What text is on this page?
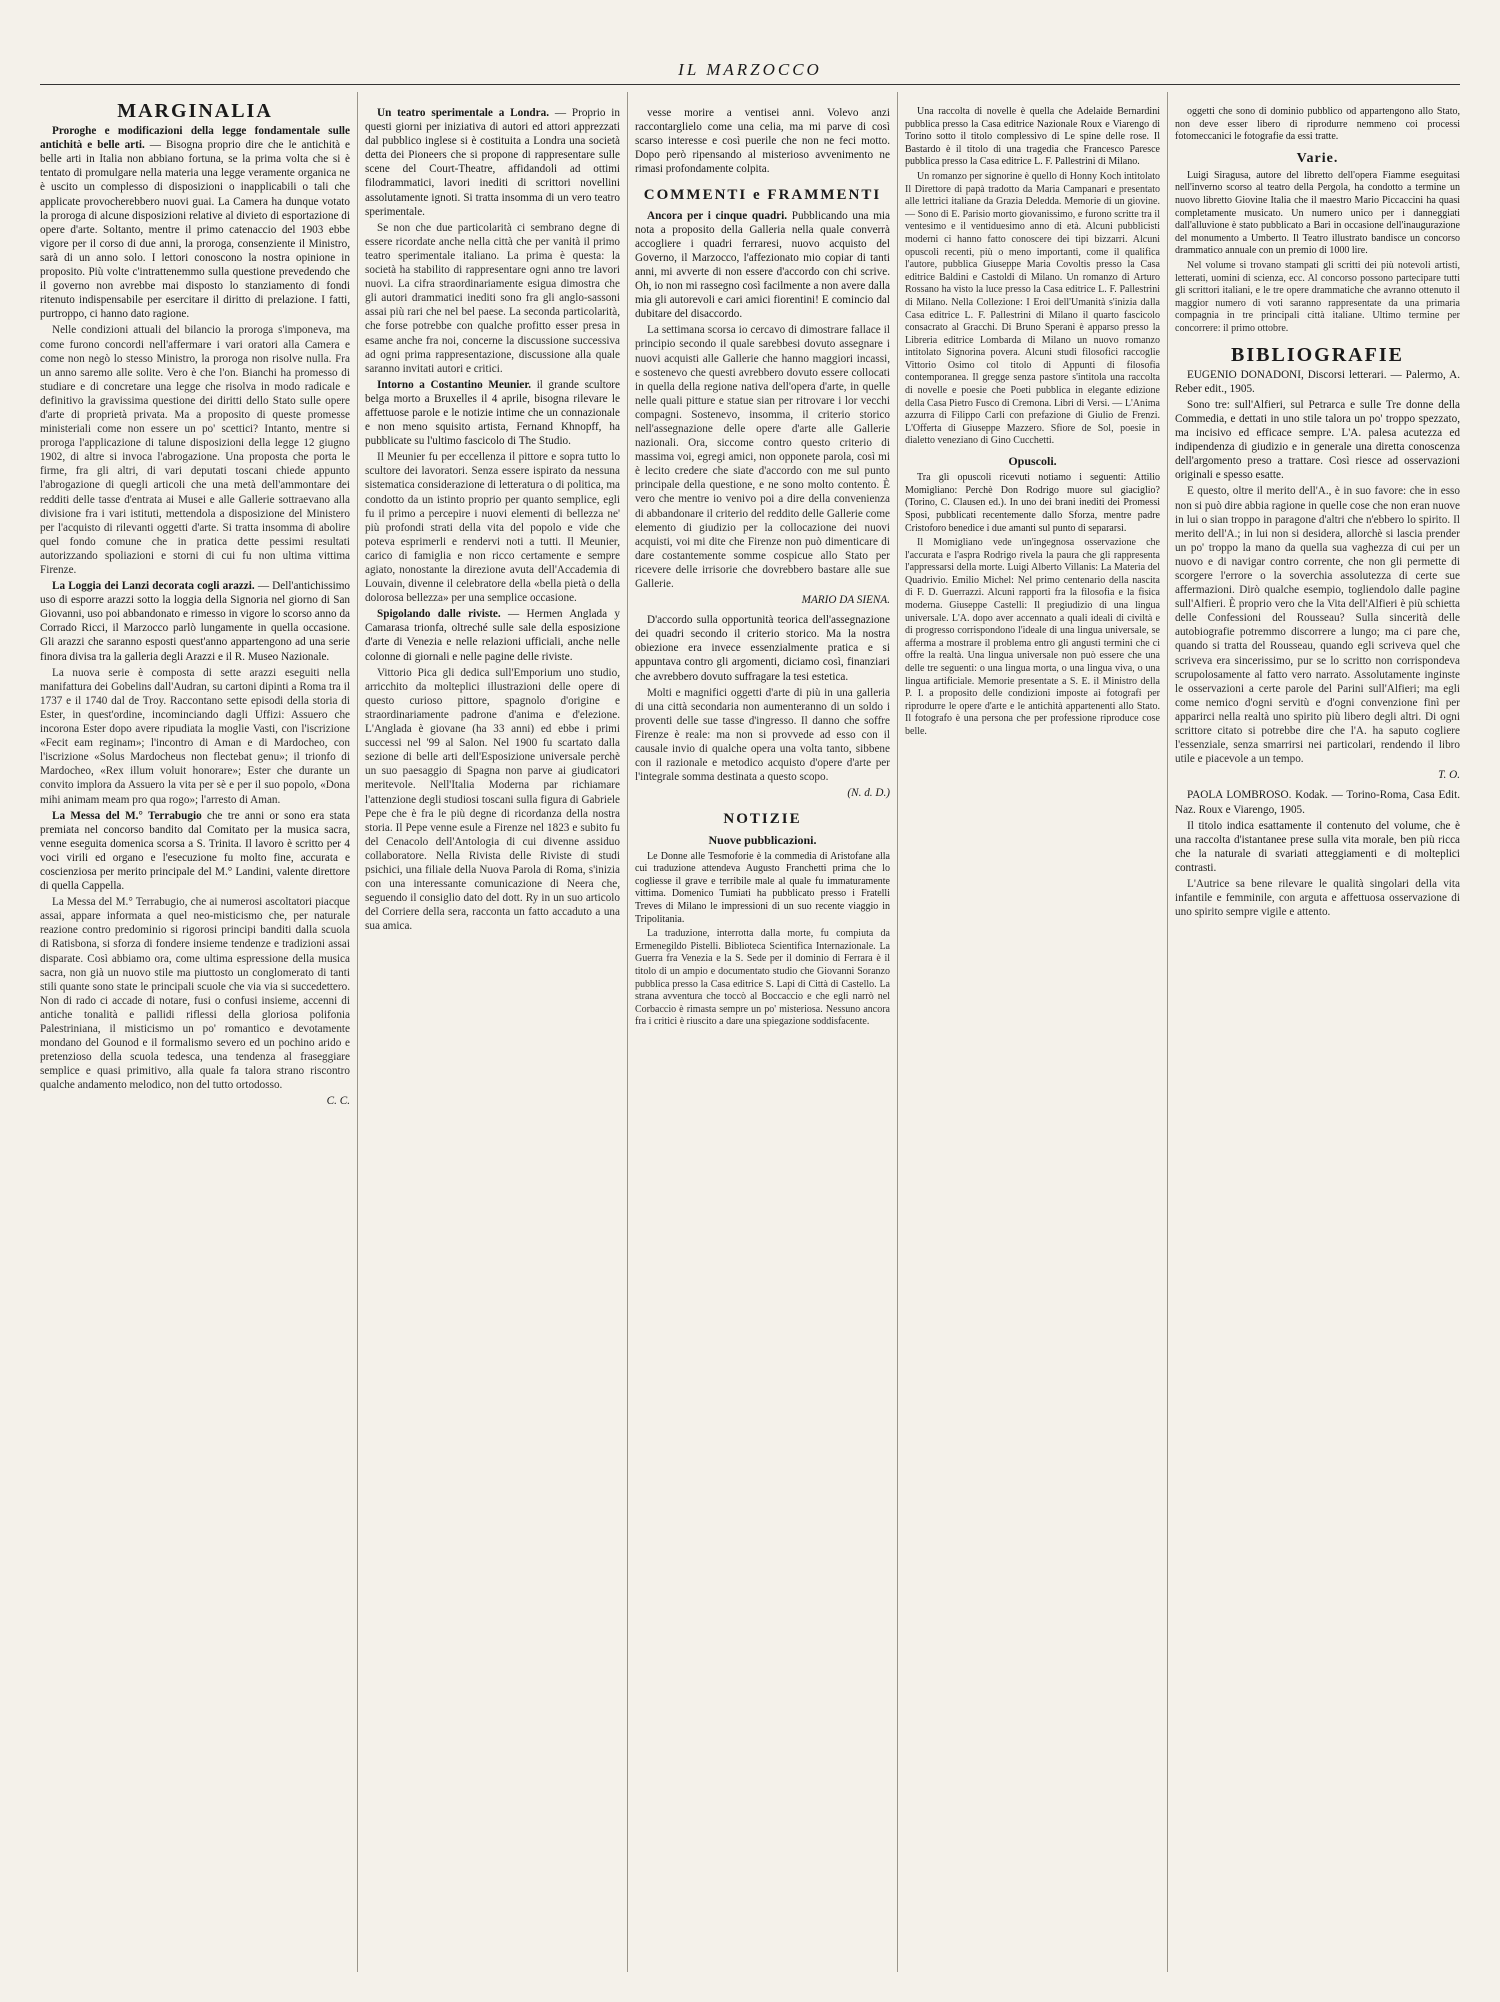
IL MARZOCCO
MARGINALIA

Proroghe e modificazioni della legge fondamentale sulle antichità e belle arti. — Bisogna proprio dire che le antichità e belle arti in Italia non abbiano fortuna, se la prima volta che si è tentato di promulgare nella materia una legge veramente organica ne è uscito un complesso di disposizioni o inapplicabili o tali che applicate provocherebbero nuovi guai. La Camera ha dunque votato la proroga di alcune disposizioni relative al divieto di esportazione di opere d'arte. Soltanto, mentre il primo catenaccio del 1903 ebbe vigore per il corso di due anni, la proroga, consenziente il Ministro, sarà di un anno solo. I lettori conoscono la nostra opinione in proposito. Più volte c'intrattenemmo sulla questione prevedendo che il governo non avrebbe mai disposto lo stanziamento di fondi ritenuto indispensabile per esercitare il diritto di prelazione. I fatti, purtroppo, ci hanno dato ragione.

Nelle condizioni attuali del bilancio la proroga s'imponeva, ma come furono concordi nell'affermare i vari oratori alla Camera e come non negò lo stesso Ministro, la proroga non risolve nulla. Fra un anno saremo alle solite. Vero è che l'on. Bianchi ha promesso di studiare e di concretare una legge che risolva in modo radicale e definitivo la gravissima questione dei diritti dello Stato sulle opere d'arte di proprietà privata. Ma a proposito di queste promesse ministeriali come non essere un po' scettici? Intanto, mentre si proroga l'applicazione di talune disposizioni della legge 12 giugno 1902, di altre si invoca l'abrogazione. Una proposta che porta le firme, fra gli altri, di vari deputati toscani chiede appunto l'abrogazione di quegli articoli che una metà dell'ammontare dei redditi delle tasse d'entrata ai Musei e alle Gallerie sottraevano alla divisione fra i vari istituti, mettendola a disposizione del Ministero per l'acquisto di rilevanti oggetti d'arte. Si tratta insomma di abolire quel fondo comune che in pratica dette pessimi resultati autorizzando spoliazioni e storni di cui fu non ultima vittima Firenze.

La Loggia dei Lanzi decorata cogli arazzi. — Dell'antichissimo uso di esporre arazzi sotto la loggia della Signoria nel giorno di San Giovanni, uso poi abbandonato e rimesso in vigore lo scorso anno da Corrado Ricci, il Marzocco parlò lungamente in quella occasione. Gli arazzi che saranno esposti quest'anno appartengono ad una serie finora divisa tra la galleria degli Arazzi e il R. Museo Nazionale.

La nuova serie è composta di sette arazzi eseguiti nella manifattura dei Gobelins dall'Audran, su cartoni dipinti a Roma tra il 1737 e il 1740 dal de Troy. Raccontano sette episodi della storia di Ester, in quest'ordine, incominciando dagli Uffizi: Assuero che incorona Ester dopo avere ripudiata la moglie Vasti, con l'iscrizione «Fecit eam reginam»; l'incontro di Aman e di Mardocheo, con l'iscrizione «Solus Mardocheus non flectebat genu»; il trionfo di Mardocheo, «Rex illum voluit honorare»; Ester che durante un convito implora da Assuero la vita per sè e per il suo popolo, «Dona mihi animam meam pro qua rogo»; l'arresto di Aman.

La Messa del M.° Terrabugio che tre anni or sono era stata premiata nel concorso bandito dal Comitato per la musica sacra, venne eseguita domenica scorsa a S. Trinita. Il lavoro è scritto per 4 voci virili ed organo e l'esecuzione fu molto fine, accurata e coscienziosa per merito principale del M.° Landini, valente direttore di quella Cappella.

La Messa del M.° Terrabugio, che ai numerosi ascoltatori piacque assai, appare informata a quel neo-misticismo che, per naturale reazione contro predominio si rigorosi principi banditi dalla scuola di Ratisbona, si sforza di fondere insieme tendenze e tradizioni assai disparate. Così abbiamo ora, come ultima espressione della musica sacra, non già un nuovo stile ma piuttosto un conglomerato di tanti stili quante sono state le principali scuole che via via si succedettero. Non di rado ci accade di notare, fusi o confusi insieme, accenni di antiche tonalità e pallidi riflessi della gloriosa polifonia Palestriniana, il misticismo un po' romantico e devotamente mondano del Gounod e il formalismo severo ed un pochino arido e pretenzioso della scuola tedesca, una tendenza al fraseggiare semplice e quasi primitivo, alla quale fa talora strano riscontro qualche andamento melodico, non del tutto ortodosso.

C. C.

Un teatro sperimentale a Londra. — Proprio in questi giorni per iniziativa di autori ed attori apprezzati dal pubblico inglese si è costituita a Londra una società detta dei Pioneers che si propone di rappresentare sulle scene del Court-Theatre, affidandoli ad ottimi filodrammatici, lavori inediti di scrittori novellini assolutamente ignoti. Si tratta insomma di un vero teatro sperimentale.

Se non che due particolarità ci sembrano degne di essere ricordate anche nella città che per vanità il primo teatro sperimentale italiano. La prima è questa: la società ha stabilito di rappresentare ogni anno tre lavori nuovi. La cifra straordinariamente esigua dimostra che gli autori drammatici inediti sono fra gli anglo-sassoni assai più rari che nel bel paese. La seconda particolarità, che forse potrebbe con qualche profitto esser presa in esame anche fra noi, concerne la discussione successiva ad ogni prima rappresentazione, discussione alla quale saranno invitati autori e critici.

Intorno a Costantino Meunier. il grande scultore belga morto a Bruxelles il 4 aprile, bisogna rilevare le affettuose parole e le notizie intime che un connazionale e non meno squisito artista, Fernand Khnopff, ha pubblicate su l'ultimo fascicolo di The Studio.

Il Meunier fu per eccellenza il pittore e sopra tutto lo scultore dei lavoratori. Senza essere ispirato da nessuna sistematica considerazione di letteratura o di politica, ma condotto da un istinto proprio per quanto semplice, egli fu il primo a percepire i nuovi elementi di bellezza ne' più profondi strati della vita del popolo e vide che poteva esprimerli e rendervi noti a tutti. Il Meunier, carico di famiglia e non ricco certamente e sempre agiato, nonostante la direzione avuta dell'Accademia di Louvain, divenne il celebratore della «bella pietà o della dolorosa bellezza» per una semplice occasione.

Spigolando dalle riviste. — Hermen Anglada y Camarasa trionfa, oltreché sulle sale della esposizione d'arte di Venezia e nelle relazioni ufficiali, anche nelle colonne di giornali e nelle pagine delle riviste.

Vittorio Pica gli dedica sull'Emporium uno studio, arricchito da molteplici illustrazioni delle opere di questo curioso pittore, spagnolo d'origine e straordinariamente padrone d'anima e d'elezione. L'Anglada è giovane (ha 33 anni) ed ebbe i primi successi nel '99 al Salon. Nel 1900 fu scartato dalla sezione di belle arti dell'Esposizione universale perchè un suo paesaggio di Spagna non parve ai giudicatori meritevole. Nell'Italia Moderna par richiamare l'attenzione degli studiosi toscani sulla figura di Gabriele Pepe che è fra le più degne di ricordanza della nostra storia. Il Pepe venne esule a Firenze nel 1823 e subito fu del Cenacolo dell'Antologia di cui divenne assiduo collaboratore. Nella Rivista delle Riviste di studi psichici, una filiale della Nuova Parola di Roma, s'inizia con una interessante comunicazione di Neera che, seguendo il consiglio dato del dott. Ry in un suo articolo del Corriere della sera, racconta un fatto accaduto a una sua amica.

vesse morire a ventisei anni. Volevo anzi raccontarglielo come una celia, ma mi parve di così scarso interesse e così puerile che non ne feci motto. Dopo però ripensando al misterioso avvenimento ne rimasi profondamente colpita.

COMMENTI e FRAMMENTI

Ancora per i cinque quadri. Pubblicando una mia nota a proposito della Galleria nella quale converrà accogliere i quadri ferraresi, nuovo acquisto del Governo, il Marzocco, l'affezionato mio copiar di tanti anni, mi avverte di non essere d'accordo con chi scrive. Oh, io non mi rassegno così facilmente a non avere dalla mia gli autorevoli e cari amici fiorentini! E comincio dal dubitare del disaccordo.

La settimana scorsa io cercavo di dimostrare fallace il principio secondo il quale sarebbesi dovuto assegnare i nuovi acquisti alle Gallerie che hanno maggiori incassi, e sostenevo che questi avrebbero dovuto essere collocati in quella della regione nativa dell'opera d'arte, in quelle nelle quali pitture e statue sian per ritrovare i lor vecchi compagni. Sostenevo, insomma, il criterio storico nell'assegnazione delle opere d'arte alle Gallerie nazionali. Ora, siccome contro questo criterio di massima voi, egregi amici, non opponete parola, così mi è lecito credere che siate d'accordo con me sul punto principale della questione, e ne sono molto contento. È vero che mentre io venivo poi a dire della convenienza di abbandonare il criterio del reddito delle Gallerie come elemento di giudizio per la collocazione dei nuovi acquisti, voi mi dite che Firenze non può dimenticare di dare costantemente somme cospicue allo Stato per ricevere delle irrisorie che dovrebbero bastare alle sue Gallerie.

MARIO DA SIENA.

D'accordo sulla opportunità teorica dell'assegnazione dei quadri secondo il criterio storico. Ma la nostra obiezione era invece essenzialmente pratica e si appuntava contro gli argomenti, diciamo così, finanziari che avrebbero dovuto suffragare la tesi estetica.

Molti e magnifici oggetti d'arte di più in una galleria di una città secondaria non aumenteranno di un soldo i proventi delle sue tasse d'ingresso. Il danno che soffre Firenze è reale: ma non si provvede ad esso con il causale invio di qualche opera una volta tanto, sibbene con il razionale e metodico acquisto d'opere d'arte per l'integrale somma destinata a questo scopo.

(N. d. D.)
NOTIZIE
Nuove pubblicazioni.

Le Donne alle Tesmoforie è la commedia di Aristofane alla cui traduzione attendeva Augusto Franchetti prima che lo cogliesse il grave e terribile male al quale fu immaturamente vittima. Domenico Tumiati ha pubblicato presso i Fratelli Treves di Milano le impressioni di un suo recente viaggio in Tripolitania.

La traduzione, interrotta dalla morte, fu compiuta da Ermenegildo Pistelli. Biblioteca Scientifica Internazionale. La Guerra fra Venezia e la S. Sede per il dominio di Ferrara è il titolo di un ampio e documentato studio che Giovanni Soranzo pubblica presso la Casa editrice S. Lapi di Città di Castello. La strana avventura che toccò al Boccaccio e che egli narrò nel Corbaccio è rimasta sempre un po' misteriosa. Nessuno ancora fra i critici è riuscito a dare una spiegazione soddisfacente.

Una raccolta di novelle è quella che Adelaide Bernardini pubblica presso la Casa editrice Nazionale Roux e Viarengo di Torino sotto il titolo complessivo di Le spine delle rose. Il Bastardo è il titolo di una tragedia che Francesco Paresce pubblica presso la Casa editrice L. F. Pallestrini di Milano.

Un romanzo per signorine è quello di Honny Koch intitolato Il Direttore di papà tradotto da Maria Campanari e presentato alle lettrici italiane da Grazia Deledda. Memorie di un giovine. — Sono di E. Parisio morto giovanissimo, e furono scritte tra il ventesimo e il ventiduesimo anno di età. Alcuni pubblicisti moderni ci hanno fatto conoscere dei tipi bizzarri. Alcuni opuscoli recenti, più o meno importanti, come il qualifica l'autore, pubblica Giuseppe Maria Covoltis presso la Casa editrice Baldini e Castoldi di Milano. Un romanzo di Arturo Rossano ha visto la luce presso la Casa editrice L. F. Pallestrini di Milano. Nella Collezione: I Eroi dell'Umanità s'inizia dalla Casa editrice L. F. Pallestrini di Milano il quarto fascicolo consacrato al Gracchi. Di Bruno Sperani è apparso presso la Libreria editrice Lombarda di Milano un nuovo romanzo intitolato Signorina povera. Alcuni studi filosofici raccoglie Vittorio Osimo col titolo di Appunti di filosofia contemporanea. Il gregge senza pastore s'intitola una raccolta di novelle e poesie che Poeti pubblica in elegante edizione della Casa Pietro Fusco di Cremona. Libri di Versi. — L'Anima azzurra di Filippo Carli con prefazione di Giulio de Frenzi. L'Offerta di Giuseppe Mazzero. Sfiore de Sol, poesie in dialetto veneziano di Gino Cucchetti.

Opuscoli.

Tra gli opuscoli ricevuti notiamo i seguenti: Attilio Momigliano: Perchè Don Rodrigo muore sul giaciglio? (Torino, C. Clausen ed.). In uno dei brani inediti dei Promessi Sposi, pubblicati recentemente dallo Sforza, mentre padre Cristoforo benedice i due amanti sul punto di separarsi.

Il Momigliano vede un'ingegnosa osservazione che l'accurata e l'aspra Rodrigo rivela la paura che gli rappresenta l'appressarsi della morte. Luigi Alberto Villanis: La Materia del Quadrivio. Emilio Michel: Nel primo centenario della nascita di F. D. Guerrazzi. Alcuni rapporti fra la filosofia e la fisica moderna. Giuseppe Castelli: Il pregiudizio di una lingua universale. L'A. dopo aver accennato a quali ideali di civiltà e di progresso corrispondono l'ideale di una lingua universale, se afferma a mostrare il problema entro gli angusti termini che ci offre la realtà. Una lingua universale non può essere che una delle tre seguenti: o una lingua morta, o una lingua viva, o una lingua artificiale. Memorie presentate a S. E. il Ministro della P. I. a proposito delle condizioni imposte ai fotografi per riprodurre le opere d'arte e le antichità appartenenti allo Stato. Il fotografo è una persona che per professione riproduce cose belle.

oggetti che sono di dominio pubblico od appartengono allo Stato, non deve esser libero di riprodurre nemmeno coi processi fotomeccanici le fotografie da essi tratte.

Varie.

Luigi Siragusa, autore del libretto dell'opera Fiamme eseguitasi nell'inverno scorso al teatro della Pergola, ha condotto a termine un nuovo libretto Giovine Italia che il maestro Mario Piccaccini ha quasi completamente musicato. Un numero unico per i danneggiati dall'alluvione è stato pubblicato a Bari in occasione dell'inaugurazione del monumento a Umberto. Il Teatro illustrato bandisce un concorso drammatico annuale con un premio di 1000 lire.

Nel volume si trovano stampati gli scritti dei più notevoli artisti, letterati, uomini di scienza, ecc. Al concorso possono partecipare tutti gli scrittori italiani, e le tre opere drammatiche che avranno ottenuto il maggior numero di voti saranno rappresentate da una primaria compagnia in tre principali città italiane. Ultimo termine per concorrere: il primo ottobre.

BIBLIOGRAFIE

EUGENIO DONADONI, Discorsi letterari. — Palermo, A. Reber edit., 1905.

Sono tre: sull'Alfieri, sul Petrarca e sulle Tre donne della Commedia, e dettati in uno stile talora un po' troppo spezzato, ma incisivo ed efficace sempre. L'A. palesa acutezza ed indipendenza di giudizio e in generale una diretta conoscenza dell'argomento preso a trattare. Così riesce ad osservazioni originali e spesso esatte.

E questo, oltre il merito dell'A., è in suo favore: che in esso non si può dire abbia ragione in quelle cose che non eran nuove in lui o sian troppo in paragone d'altri che n'ebbero lo spirito. Il merito dell'A.; in lui non si desidera, allorchè si lascia prender un po' troppo la mano da quella sua vaghezza di cui per un nuovo e di navigar contro corrente, che non gli permette di scorgere l'errore o la soverchia assolutezza di certe sue affermazioni. Dirò qualche esempio, togliendolo dalle pagine sull'Alfieri. È proprio vero che la Vita dell'Alfieri è più schietta delle Confessioni del Rousseau? Sulla sincerità delle autobiografie potremmo discorrere a lungo; ma ci pare che, quando si tratta del Rousseau, quando egli scriveva quel che scriveva era sincerissimo, pur se lo scritto non corrispondeva scrupolosamente al fatto vero narrato. Assolutamente inginste le osservazioni a certe parole del Parini sull'Alfieri; ma egli come nemico d'ogni servitù e d'ogni convenzione finì per apparirci nella realtà uno spirito più libero degli altri. Di ogni scrittore citato si potrebbe dire che l'A. ha saputo cogliere l'essenziale, senza smarrirsi nei particolari, rendendo il libro utile e piacevole a un tempo.

T. O.

PAOLA LOMBROSO. Kodak. — Torino-Roma, Casa Edit. Naz. Roux e Viarengo, 1905.

Il titolo indica esattamente il contenuto del volume, che è una raccolta d'istantanee prese sulla vita morale, ben più ricca che la naturale di svariati atteggiamenti e di molteplici contrasti.

L'Autrice sa bene rilevare le qualità singolari della vita infantile e femminile, con arguta e affettuosa osservazione di uno spirito sempre vigile e attento.
